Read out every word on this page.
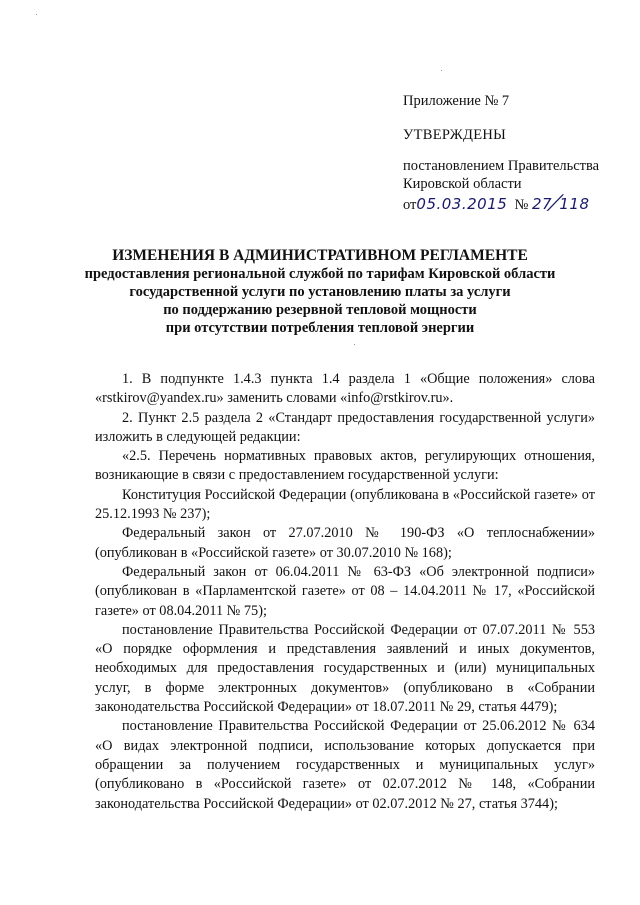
Приложение № 7
УТВЕРЖДЕНЫ
постановлением Правительства
Кировской области
от05.03.2015 № 27/118
ИЗМЕНЕНИЯ В АДМИНИСТРАТИВНОМ РЕГЛАМЕНТЕ
предоставления региональной службой по тарифам Кировской области
государственной услуги по установлению платы за услуги
по поддержанию резервной тепловой мощности
при отсутствии потребления тепловой энергии

1. В подпункте 1.4.3 пункта 1.4 раздела 1 «Общие положения» слова «rstkirov@yandex.ru» заменить словами «info@rstkirov.ru».

2. Пункт 2.5 раздела 2 «Стандарт предоставления государственной услуги» изложить в следующей редакции:

«2.5. Перечень нормативных правовых актов, регулирующих отношения, возникающие в связи с предоставлением государственной услуги:

Конституция Российской Федерации (опубликована в «Российской газете» от 25.12.1993 № 237);

Федеральный закон от 27.07.2010 № 190-ФЗ «О теплоснабжении» (опубликован в «Российской газете» от 30.07.2010 № 168);

Федеральный закон от 06.04.2011 № 63-ФЗ «Об электронной подписи» (опубликован в «Парламентской газете» от 08 – 14.04.2011 № 17, «Российской газете» от 08.04.2011 № 75);

постановление Правительства Российской Федерации от 07.07.2011 № 553 «О порядке оформления и представления заявлений и иных документов, необходимых для предоставления государственных и (или) муниципальных услуг, в форме электронных документов» (опубликовано в «Собрании законодательства Российской Федерации» от 18.07.2011 № 29, статья 4479);

постановление Правительства Российской Федерации от 25.06.2012 № 634 «О видах электронной подписи, использование которых допускается при обращении за получением государственных и муниципальных услуг» (опубликовано в «Российской газете» от 02.07.2012 № 148, «Собрании законодательства Российской Федерации» от 02.07.2012 № 27, статья 3744);
